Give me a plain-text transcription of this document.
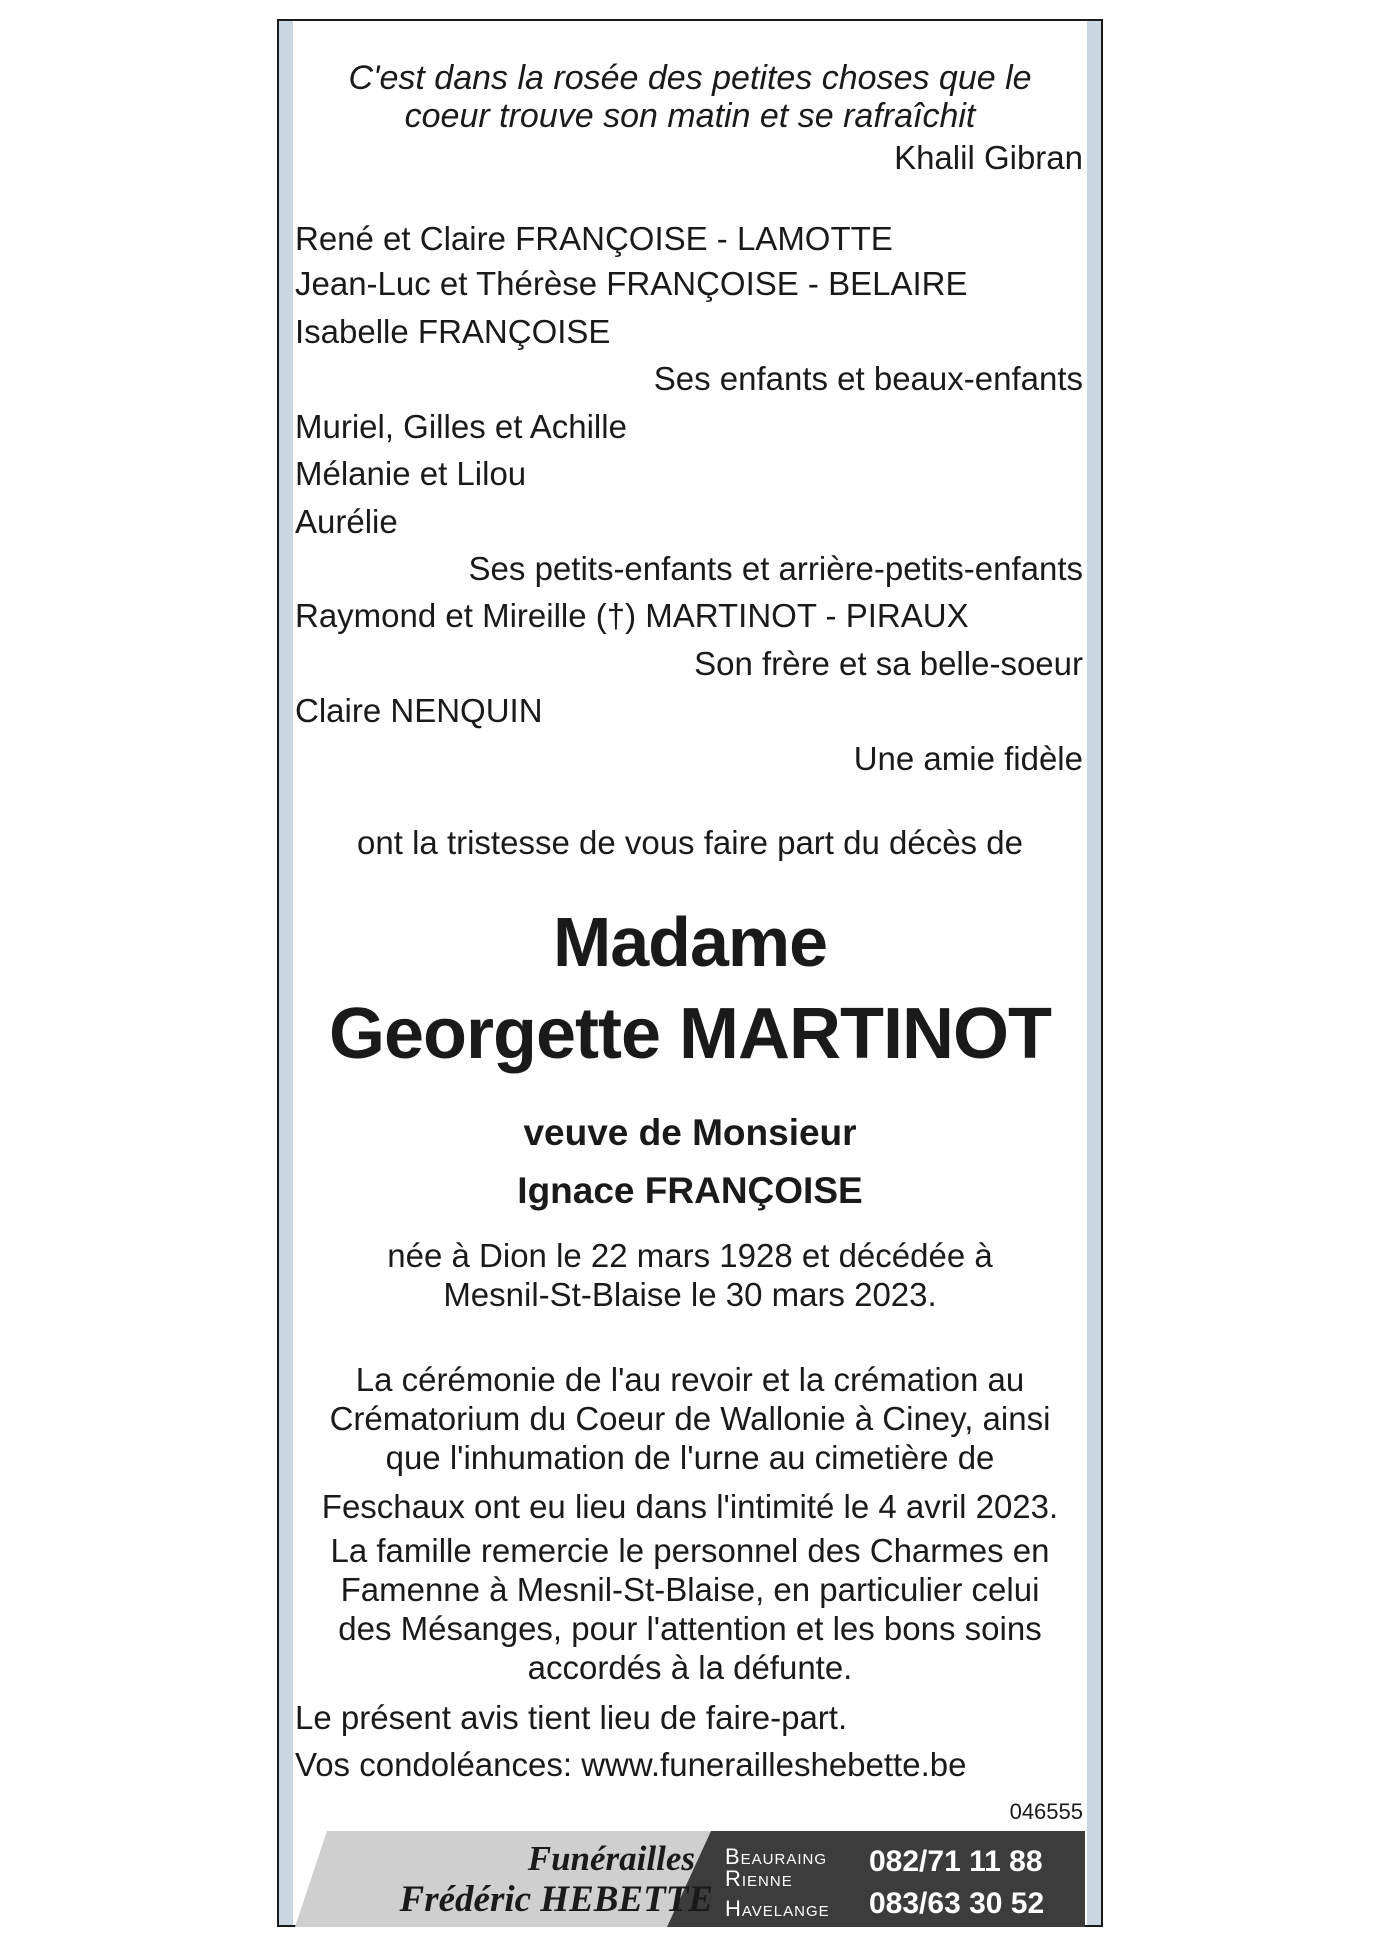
C'est dans la rosée des petites choses que le
coeur trouve son matin et se rafraîchit
Khalil Gibran
René et Claire FRANÇOISE - LAMOTTE
Jean-Luc et Thérèse FRANÇOISE - BELAIRE
Isabelle FRANÇOISE
Ses enfants et beaux-enfants
Muriel, Gilles et Achille
Mélanie et Lilou
Aurélie
Ses petits-enfants et arrière-petits-enfants
Raymond et Mireille (†) MARTINOT - PIRAUX
Son frère et sa belle-soeur
Claire NENQUIN
Une amie fidèle
ont la tristesse de vous faire part du décès de
Madame
Georgette MARTINOT
veuve de Monsieur
Ignace FRANÇOISE
née à Dion le 22 mars 1928 et décédée à
Mesnil-St-Blaise le 30 mars 2023.
La cérémonie de l'au revoir et la crémation au
Crématorium du Coeur de Wallonie à Ciney, ainsi
que l'inhumation de l'urne au cimetière de
Feschaux ont eu lieu dans l'intimité le 4 avril 2023.
La famille remercie le personnel des Charmes en
Famenne à Mesnil-St-Blaise, en particulier celui
des Mésanges, pour l'attention et les bons soins
accordés à la défunte.
Le présent avis tient lieu de faire-part.
Vos condoléances: www.funerailleshebette.be
046555
Funérailles
Frédéric HEBETTE
Beauraing
Rienne
Havelange
082/71 11 88
083/63 30 52
